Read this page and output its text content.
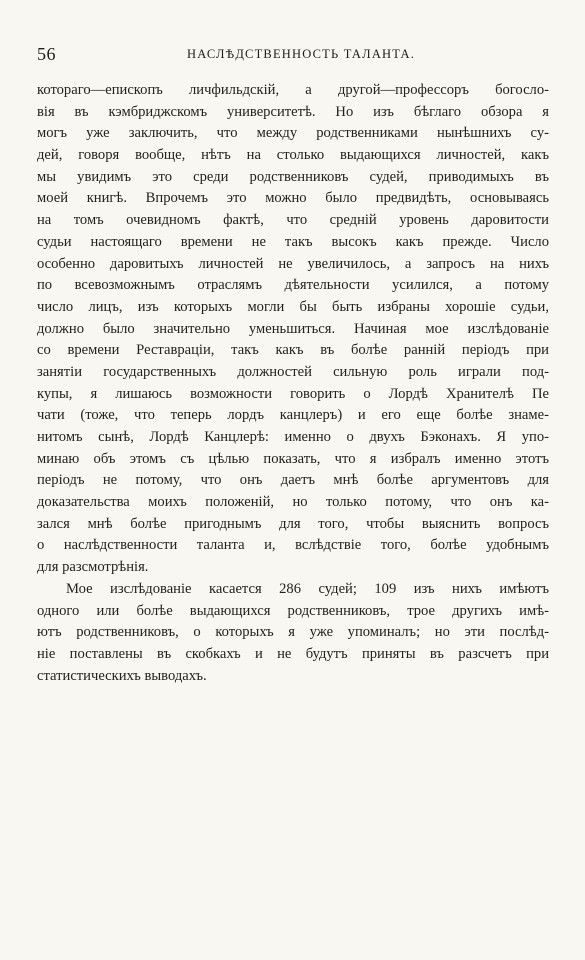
56	НАСЛѢДСТВЕННОСТЬ ТАЛАНТА.
котораго—епископъ личфильдскій, а другой—профессоръ богосло-
вія въ кэмбриджскомъ университетѣ. Но изъ бѣглаго обзора я
могъ уже заключить, что между родственниками нынѣшнихъ су-
дей, говоря вообще, нѣтъ на столько выдающихся личностей, какъ
мы увидимъ это среди родственниковъ судей, приводимыхъ въ
моей книгѣ. Впрочемъ это можно было предвидѣть, основываясь
на томъ очевидномъ фактѣ, что средній уровень даровитости
судьи настоящаго времени не такъ высокъ какъ прежде. Число
особенно даровитыхъ личностей не увеличилось, а запросъ на нихъ
по всевозможнымъ отраслямъ дѣятельности усилился, а потому
число лицъ, изъ которыхъ могли бы быть избраны хорошіе судьи,
должно было значительно уменьшиться. Начиная мое изслѣдованіе
со времени Реставраціи, такъ какъ въ болѣе ранній періодъ при
занятіи государственныхъ должностей сильную роль играли под-
купы, я лишаюсь возможности говорить о Лордѣ Хранителѣ Пе
чати (тоже, что теперь лордъ канцлеръ) и его еще болѣе знаме-
нитомъ сынѣ, Лордѣ Канцлерѣ: именно о двухъ Бэконахъ. Я упо-
минаю объ этомъ съ цѣлью показать, что я избралъ именно этотъ
періодъ не потому, что онъ даетъ мнѣ болѣе аргументовъ для
доказательства моихъ положеній, но только потому, что онъ ка-
зался мнѣ болѣе пригоднымъ для того, чтобы выяснить вопросъ
о наслѣдственности таланта и, вслѣдствіе того, болѣе удобнымъ
для разсмотрѣнія.
Мое изслѣдованіе касается 286 судей; 109 изъ нихъ имѣютъ
одного или болѣе выдающихся родственниковъ, трое другихъ имѣ-
ютъ родственниковъ, о которыхъ я уже упоминалъ; но эти послѣд-
ніе поставлены въ скобкахъ и не будутъ приняты въ разсчетъ при
статистическихъ выводахъ.
